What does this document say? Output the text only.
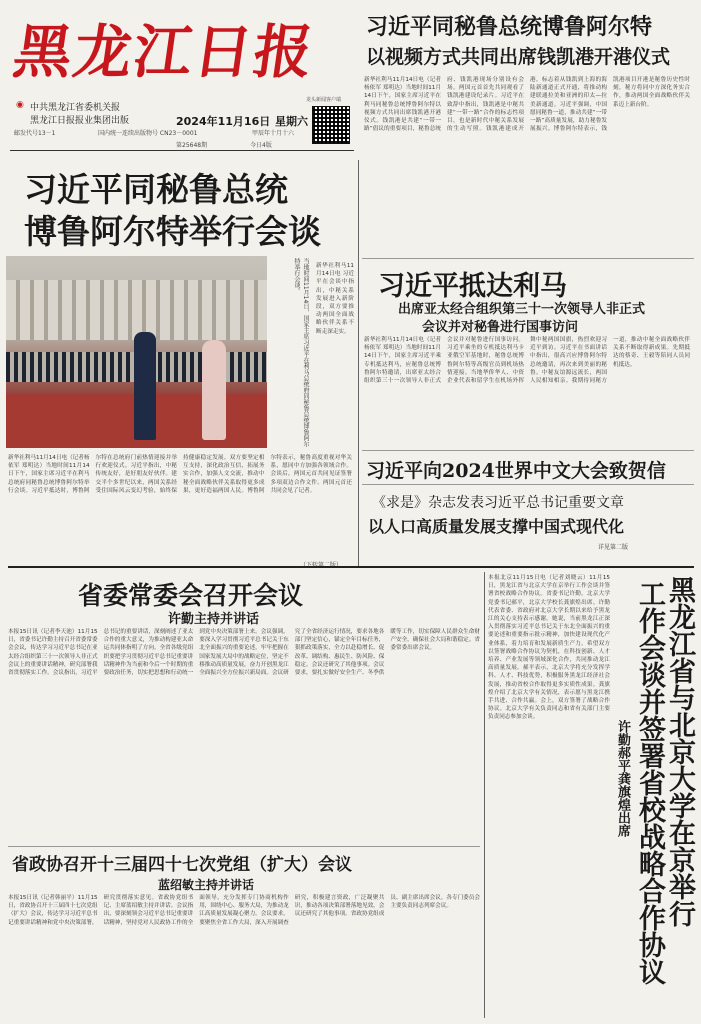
黑龙江日报
中共黑龙江省委机关报
◉
黑龙江日报报业集团出版
邮发代号13－1	国内统一连续出版物号 CN23－0001
2024年11月16日 星期六
甲辰年十月十六
第25648期	今日4版
龙头新闻客户端
习近平同秘鲁总统博鲁阿尔特
以视频方式共同出席钱凯港开港仪式
新华社利马11月14日电（记者杨依军 郑明达）当地时间11月14日下午，国家主席习近平在利马同秘鲁总统博鲁阿尔特以视频方式共同出席钱凯港开港仪式。钱凯港是共建“一带一路”倡议的重要项目，秘鲁总统府、钱凯港现场分别设有会场。两国元首首先共同观看了钱凯港建设纪录片。习近平在致辞中指出，钱凯港是中秘共建“一带一路”合作的标志性项目，也是新时代中秘关系发展的生动写照。钱凯港建成开港，标志着从钱凯到上海的海陆新通道正式开通，将推动构建联通拉美和亚洲的印太—拉美新通道。习近平强调，中国愿同秘鲁一道，推动共建“一带一路”高质量发展，助力秘鲁发展振兴。博鲁阿尔特表示，钱凯港项目开港是秘鲁历史性时刻，秘方将同中方深化务实合作，推动两国全面战略伙伴关系迈上新台阶。
习近平同秘鲁总统
博鲁阿尔特举行会谈
当地时间11月14日，国家主席习近平在利马总统府同秘鲁总统博鲁阿尔特举行会谈。	新华社利马11月14日电 习近平在会谈中指出，中秘关系发展进入新阶段，双方要推动两国全面战略伙伴关系不断走深走实。
新华社利马11月14日电（记者杨依军 郑明达）当地时间11月14日下午，国家主席习近平在利马总统府同秘鲁总统博鲁阿尔特举行会谈。习近平抵达时，博鲁阿尔特在总统府门前热情迎接并举行欢迎仪式。习近平指出，中秘传统友好，是好朋友好伙伴。建交半个多世纪以来，两国关系经受住国际风云变幻考验，始终保持健康稳定发展。双方要坚定相互支持，深化政治互信，拓展务实合作，加强人文交流，推动中秘全面战略伙伴关系取得更多成果，更好造福两国人民。博鲁阿尔特表示，秘鲁高度重视对华关系，愿同中方加强各领域合作。会谈后，两国元首共同见证签署多项双边合作文件。两国元首还共同会见了记者。
习近平抵达利马
出席亚太经合组织第三十一次领导人非正式
会议并对秘鲁进行国事访问
新华社利马11月14日电（记者杨依军 郑明达）当地时间11月14日下午，国家主席习近平乘专机抵达利马，应秘鲁总统博鲁阿尔特邀请，出席亚太经合组织第三十一次领导人非正式会议并对秘鲁进行国事访问。习近平乘坐的专机抵达利马卡亚俄空军基地时，秘鲁总统博鲁阿尔特等高级官员到机场热情迎接。当地华侨华人、中资企业代表和留学生在机场外挥舞中秘两国国旗，热烈欢迎习近平到访。习近平在书面讲话中指出，很高兴应博鲁阿尔特总统邀请，再次来到美丽的秘鲁。中秘友谊源远流长，两国人民相知相亲。我期待同秘方一道，推动中秘全面战略伙伴关系不断取得新成果。先期抵达的蔡奇、王毅等陪同人员同机抵达。
习近平向2024世界中文大会致贺信
《求是》杂志发表习近平总书记重要文章
以人口高质量发展支撑中国式现代化
详见第二版
省委常委会召开会议
许勤主持并讲话
本报15日讯（记者李天池）11月15日，省委书记许勤主持召开省委常委会会议，传达学习习近平总书记在亚太经合组织第三十一次领导人非正式会议上的重要讲话精神，研究部署我省贯彻落实工作。会议指出，习近平总书记的重要讲话，深刻阐述了亚太合作的重大意义，为推动构建亚太命运共同体指明了方向。全省各级党组织要把学习贯彻习近平总书记重要讲话精神作为当前和今后一个时期的重要政治任务，切实把思想和行动统一到党中央决策部署上来。会议强调，要深入学习贯彻习近平总书记关于东北全面振兴的重要论述，牢牢把握在国家发展大局中的战略定位，坚定不移推动高质量发展，奋力开创黑龙江全面振兴全方位振兴新局面。会议研究了全省经济运行情况，要求各地各部门坚定信心，锚定全年目标任务，狠抓政策落实，全力以赴稳增长、促改革、调结构、惠民生、防风险、保稳定。会议还研究了其他事项。会议要求，要扎实做好安全生产、冬季供暖等工作，切实保障人民群众生命财产安全，确保社会大局和谐稳定。省委常委出席会议。
省政协召开十三届四十七次党组（扩大）会议
蓝绍敏主持并讲话
本报15日讯（记者韩丽平）11月15日，省政协召开十三届四十七次党组（扩大）会议，传达学习习近平总书记重要讲话精神和党中央决策部署，研究贯彻落实意见。省政协党组书记、主席蓝绍敏主持并讲话。会议指出，要深刻领会习近平总书记重要讲话精神，坚持党对人民政协工作的全面领导，充分发挥专门协商机构作用，围绕中心、服务大局，为推动龙江高质量发展凝心聚力。会议要求，要聚焦全省工作大局，深入开展调查研究，积极建言资政，广泛凝聚共识，推动各项决策部署落地见效。会议还研究了其他事项。省政协党组成员、副主席出席会议。各专门委员会主要负责同志列席会议。	黑龙江省与北京大学在京举行
工作会谈并签署省校战略合作协议
许勤郝平龚旗煌出席
本报北京11月15日电（记者刘晓云）11月15日，黑龙江省与北京大学在京举行工作会谈并签署省校战略合作协议。省委书记许勤，北京大学党委书记郝平，北京大学校长龚旗煌出席。许勤代表省委、省政府对北京大学长期以来给予黑龙江的关心支持表示感谢。她说，当前黑龙江正深入贯彻落实习近平总书记关于东北全面振兴的重要论述和重要指示批示精神，加快建设现代化产业体系，着力培育和发展新质生产力。希望双方以签署战略合作协议为契机，在科技创新、人才培养、产业发展等领域深化合作，共同推动龙江高质量发展。郝平表示，北京大学将充分发挥学科、人才、科技优势，积极服务黑龙江经济社会发展，推动省校合作取得更多实质性成果。龚旗煌介绍了北京大学有关情况，表示愿与黑龙江携手共进、合作共赢。会上，双方签署了战略合作协议。北京大学有关负责同志和省有关部门主要负责同志参加会谈。
